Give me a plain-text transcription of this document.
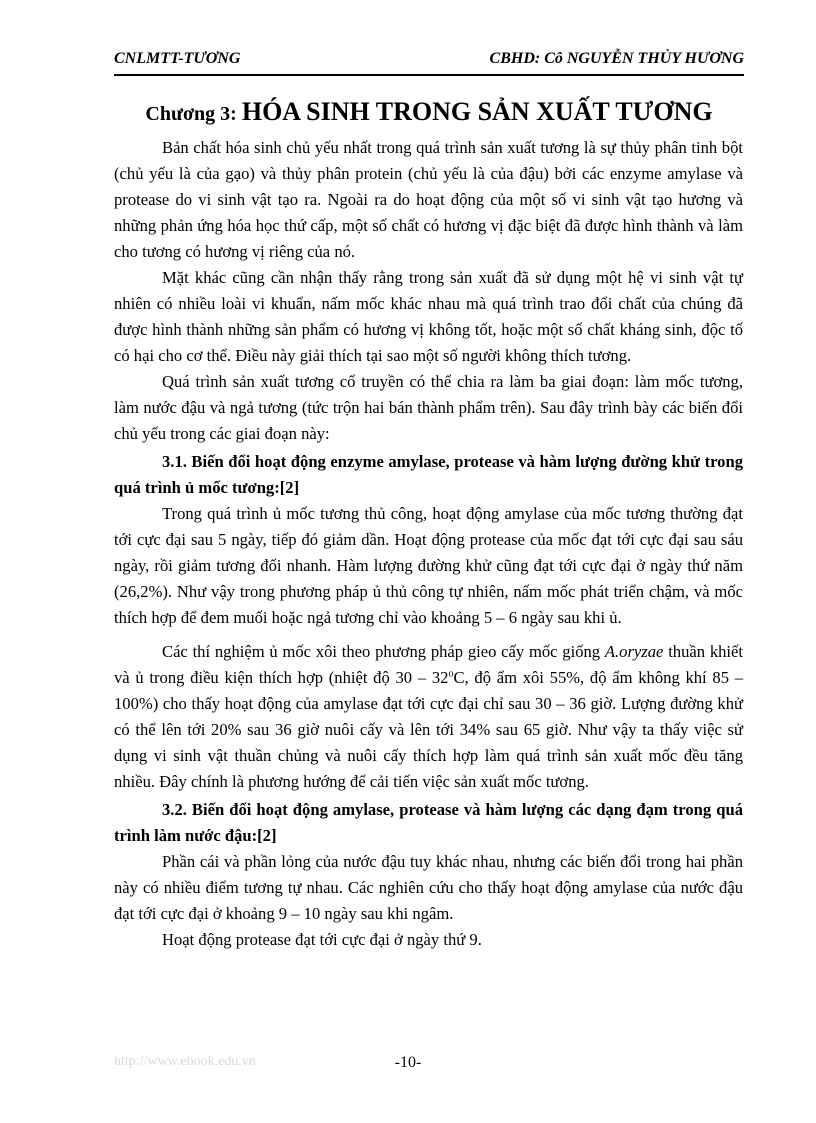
CNLMTT-TƯƠNG	CBHD: Cô NGUYỄN THỦY HƯƠNG
Chương 3: HÓA SINH TRONG SẢN XUẤT TƯƠNG

Bản chất hóa sinh chủ yếu nhất trong quá trình sản xuất tương là sự thủy phân tinh bột (chủ yếu là của gạo) và thủy phân protein (chủ yếu là của đậu) bởi các enzyme amylase và protease do vi sinh vật tạo ra. Ngoài ra do hoạt động của một số vi sinh vật tạo hương và những phản ứng hóa học thứ cấp, một số chất có hương vị đặc biệt đã được hình thành và làm cho tương có hương vị riêng của nó.

Mặt khác cũng cần nhận thấy rằng trong sản xuất đã sử dụng một hệ vi sinh vật tự nhiên có nhiều loài vi khuẩn, nấm mốc khác nhau mà quá trình trao đổi chất của chúng đã được hình thành những sản phẩm có hương vị không tốt, hoặc một số chất kháng sinh, độc tố có hại cho cơ thể. Điều này giải thích tại sao một số người không thích tương.

Quá trình sản xuất tương cổ truyền có thể chia ra làm ba giai đoạn: làm mốc tương, làm nước đậu và ngả tương (tức trộn hai bán thành phẩm trên). Sau đây trình bày các biến đổi chủ yếu trong các giai đoạn này:

3.1. Biến đổi hoạt động enzyme amylase, protease và hàm lượng đường khử trong quá trình ủ mốc tương:[2]

Trong quá trình ủ mốc tương thủ công, hoạt động amylase của mốc tương thường đạt tới cực đại sau 5 ngày, tiếp đó giảm dần. Hoạt động protease của mốc đạt tới cực đại sau sáu ngày, rồi giảm tương đối nhanh. Hàm lượng đường khử cũng đạt tới cực đại ở ngày thứ năm (26,2%). Như vậy trong phương pháp ủ thủ công tự nhiên, nấm mốc phát triển chậm, và mốc thích hợp để đem muối hoặc ngả tương chỉ vào khoảng 5 – 6 ngày sau khi ủ.

Các thí nghiệm ủ mốc xôi theo phương pháp gieo cấy mốc giống A.oryzae thuần khiết và ủ trong điều kiện thích hợp (nhiệt độ 30 – 32$^o$C, độ ẩm xôi 55%, độ ẩm không khí 85 – 100%) cho thấy hoạt động của amylase đạt tới cực đại chỉ sau 30 – 36 giờ. Lượng đường khử có thể lên tới 20% sau 36 giờ nuôi cấy và lên tới 34% sau 65 giờ. Như vậy ta thấy việc sử dụng vi sinh vật thuần chủng và nuôi cấy thích hợp làm quá trình sản xuất mốc đều tăng nhiều. Đây chính là phương hướng để cải tiến việc sản xuất mốc tương.

3.2. Biến đổi hoạt động amylase, protease và hàm lượng các dạng đạm trong quá trình làm nước đậu:[2]

Phần cái và phần lỏng của nước đậu tuy khác nhau, nhưng các biến đổi trong hai phần này có nhiều điểm tương tự nhau. Các nghiên cứu cho thấy hoạt động amylase của nước đậu đạt tới cực đại ở khoảng 9 – 10 ngày sau khi ngâm.

Hoạt động protease đạt tới cực đại ở ngày thứ 9.

http://www.ebook.edu.vn	-10-
